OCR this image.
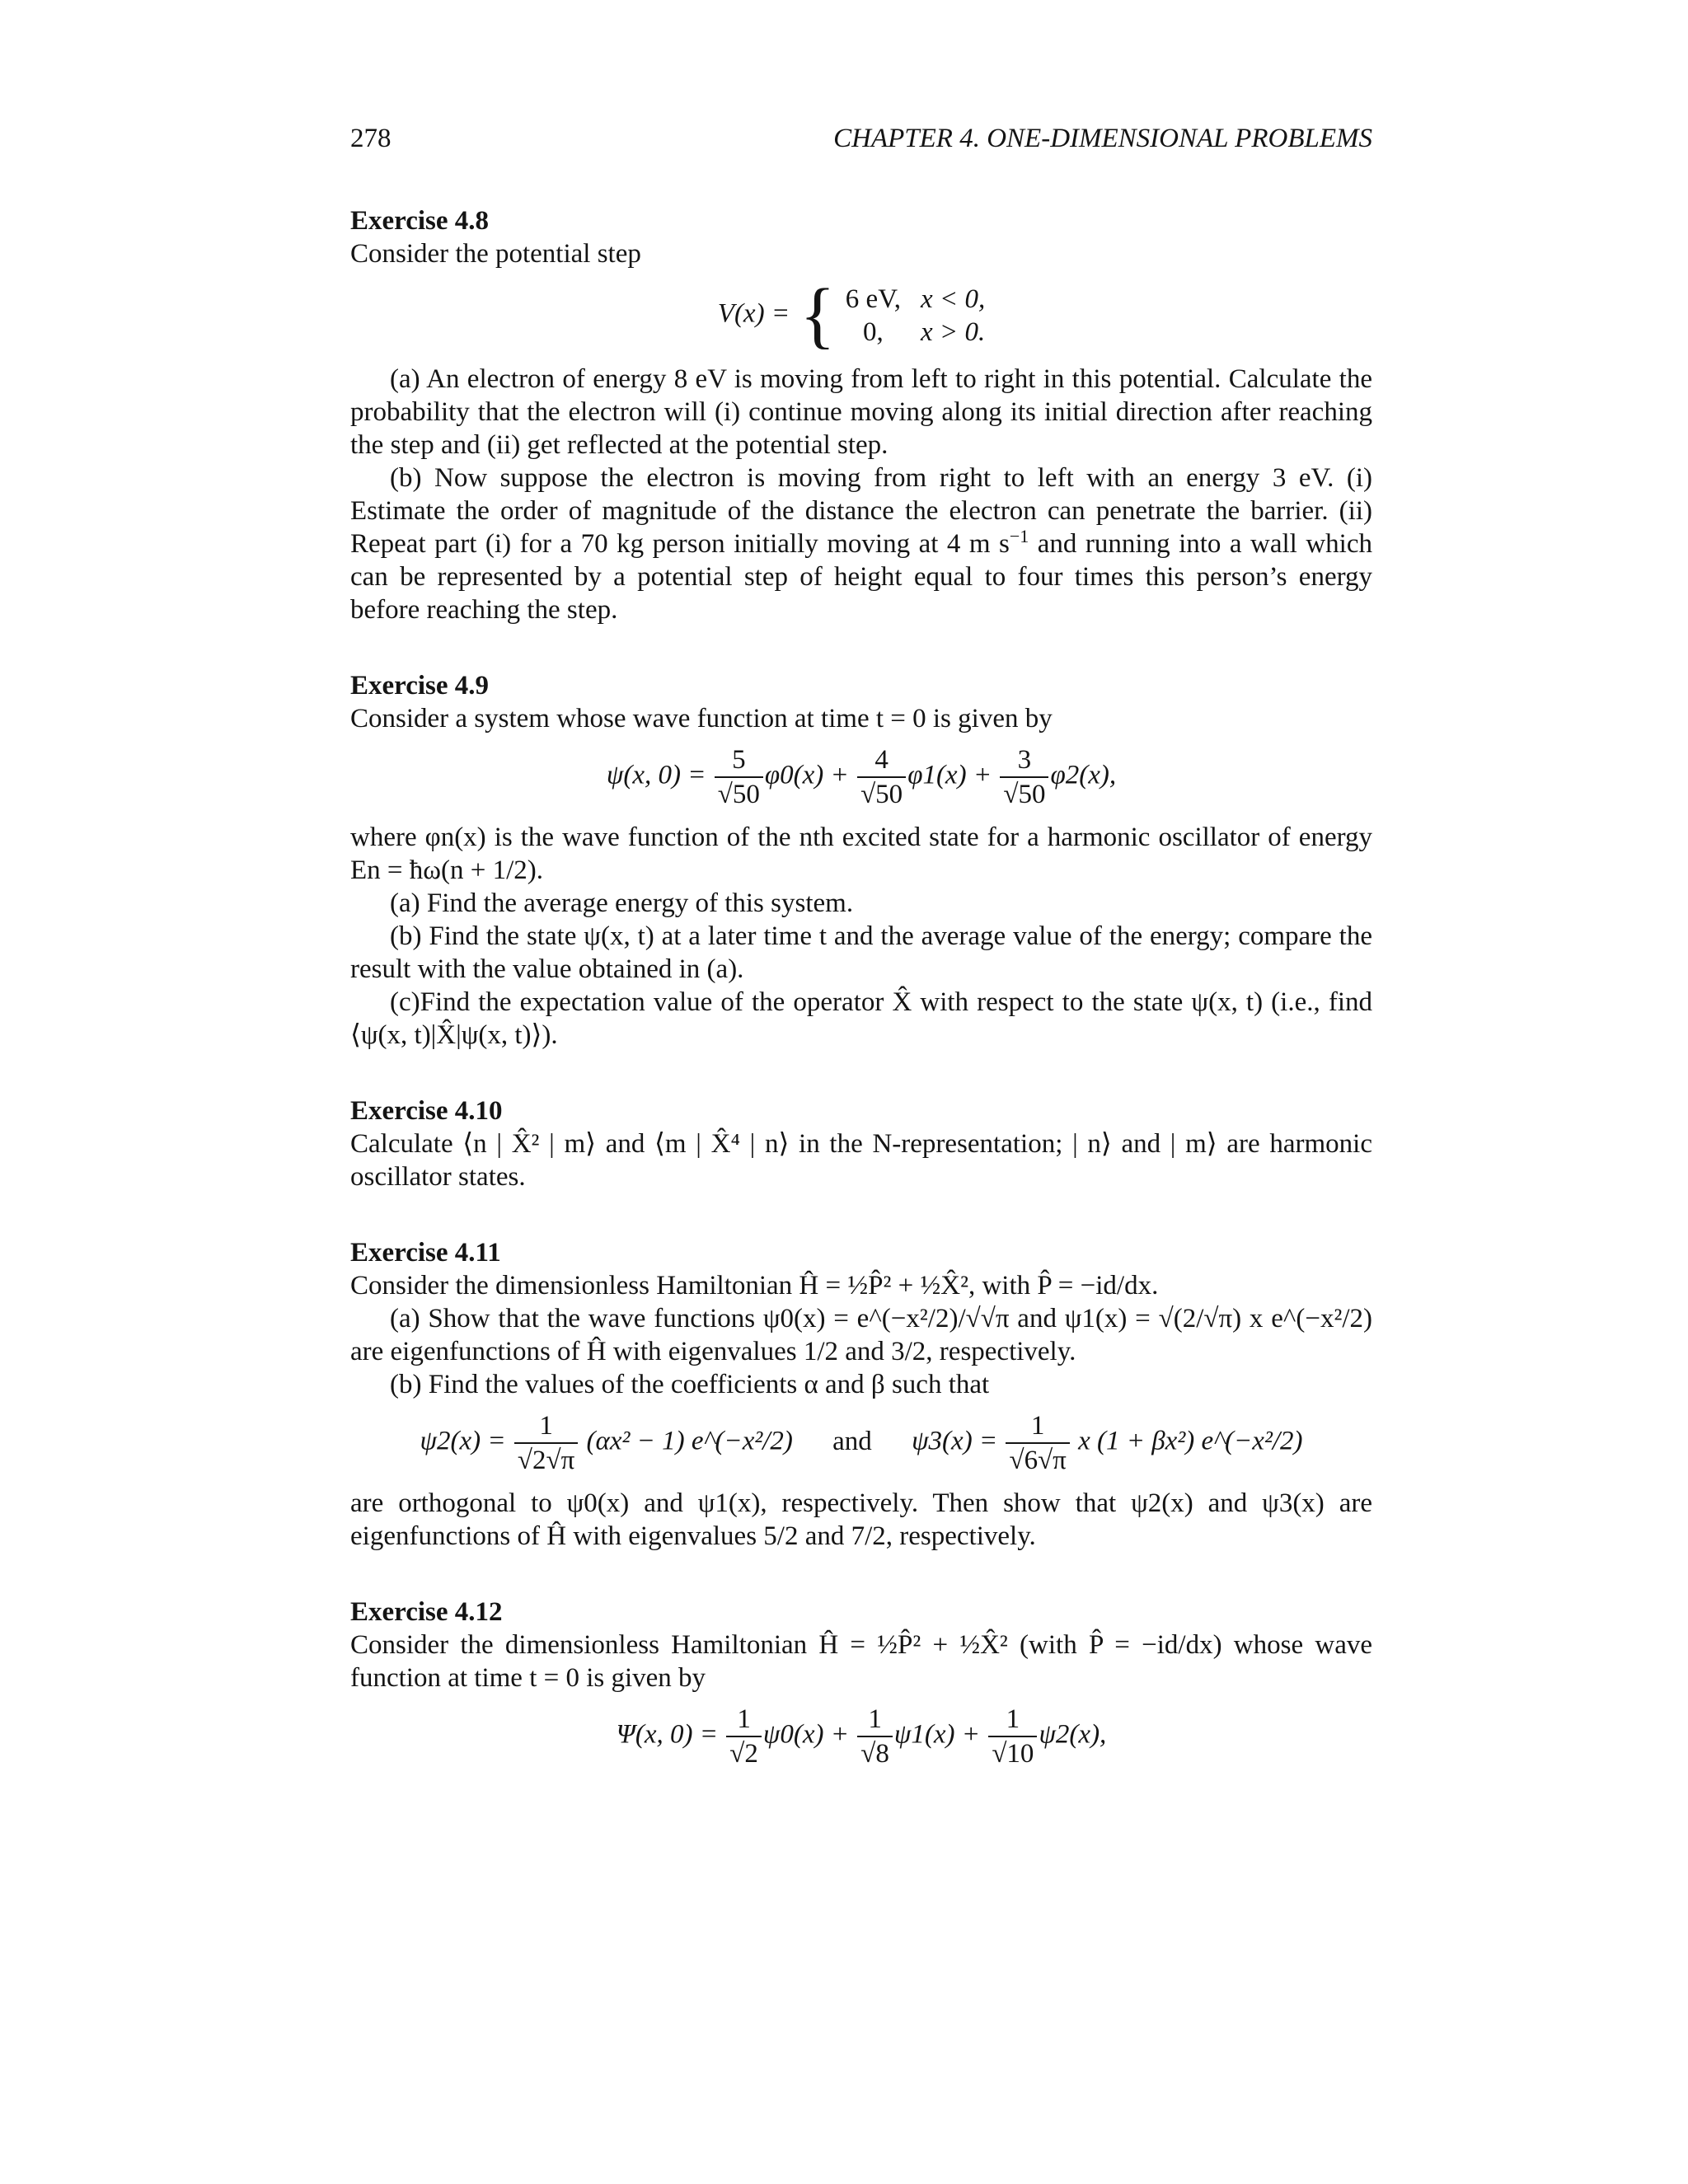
278	CHAPTER 4. ONE-DIMENSIONAL PROBLEMS
Exercise 4.8

Consider the potential step

V(x) = { 6 eV,	x < 0,
0,	x > 0.

(a) An electron of energy 8 eV is moving from left to right in this potential. Calculate the probability that the electron will (i) continue moving along its initial direction after reaching the step and (ii) get reflected at the potential step.

(b) Now suppose the electron is moving from right to left with an energy 3 eV. (i) Estimate the order of magnitude of the distance the electron can penetrate the barrier. (ii) Repeat part (i) for a 70 kg person initially moving at 4 m $s^{-1}$ and running into a wall which can be represented by a potential step of height equal to four times this person’s energy before reaching the step.

Exercise 4.9

Consider a system whose wave function at time t = 0 is given by

ψ(x, $0) = \frac{5}{√50} \varphi 0(x) + \frac{4}{√50} \varphi 1(x) + \frac{3}{√50} \varphi 2(x)$,

where φn(x) is the wave function of the nth excited state for a harmonic oscillator of energy En = ħω(n + 1/2).

(a) Find the average energy of this system.

(b) Find the state ψ(x, t) at a later time t and the average value of the energy; compare the result with the value obtained in (a).

(c)Find the expectation value of the operator X̂ with respect to the state ψ(x, t) (i.e., find ⟨ψ(x, t)|X̂|ψ(x, t)⟩).

Exercise 4.10

Calculate ⟨n | X̂² | m⟩ and ⟨m | X̂⁴ | n⟩ in the N-representation; | n⟩ and | m⟩ are harmonic oscillator states.

Exercise 4.11

Consider the dimensionless Hamiltonian Ĥ = ½P̂² + ½X̂², with P̂ = −id/dx.

(a) Show that the wave functions ψ0(x) = e^(−x²/2)/√√π and ψ1(x) = √(2/√π) x e^(−x²/2) are eigenfunctions of Ĥ with eigenvalues 1/2 and 3/2, respectively.

(b) Find the values of the coefficients α and β such that

$\psi 2(x) = \frac{1}{√2√\pi} (\alpha x^2 - 1)$ e^(−x²/2) and $\psi 3(x) = \frac{1}{√6√\pi}$ x (1 + βx²) e^(−x²/2)

are orthogonal to ψ0(x) and ψ1(x), respectively. Then show that ψ2(x) and ψ3(x) are eigenfunctions of Ĥ with eigenvalues 5/2 and 7/2, respectively.

Exercise 4.12

Consider the dimensionless Hamiltonian Ĥ = ½P̂² + ½X̂² (with P̂ = −id/dx) whose wave function at time t = 0 is given by

Ψ(x, $0) = \frac{1}{√2} \psi 0(x) + \frac{1}{√8} \psi 1(x) + \frac{1}{√10} \psi 2(x)$,
